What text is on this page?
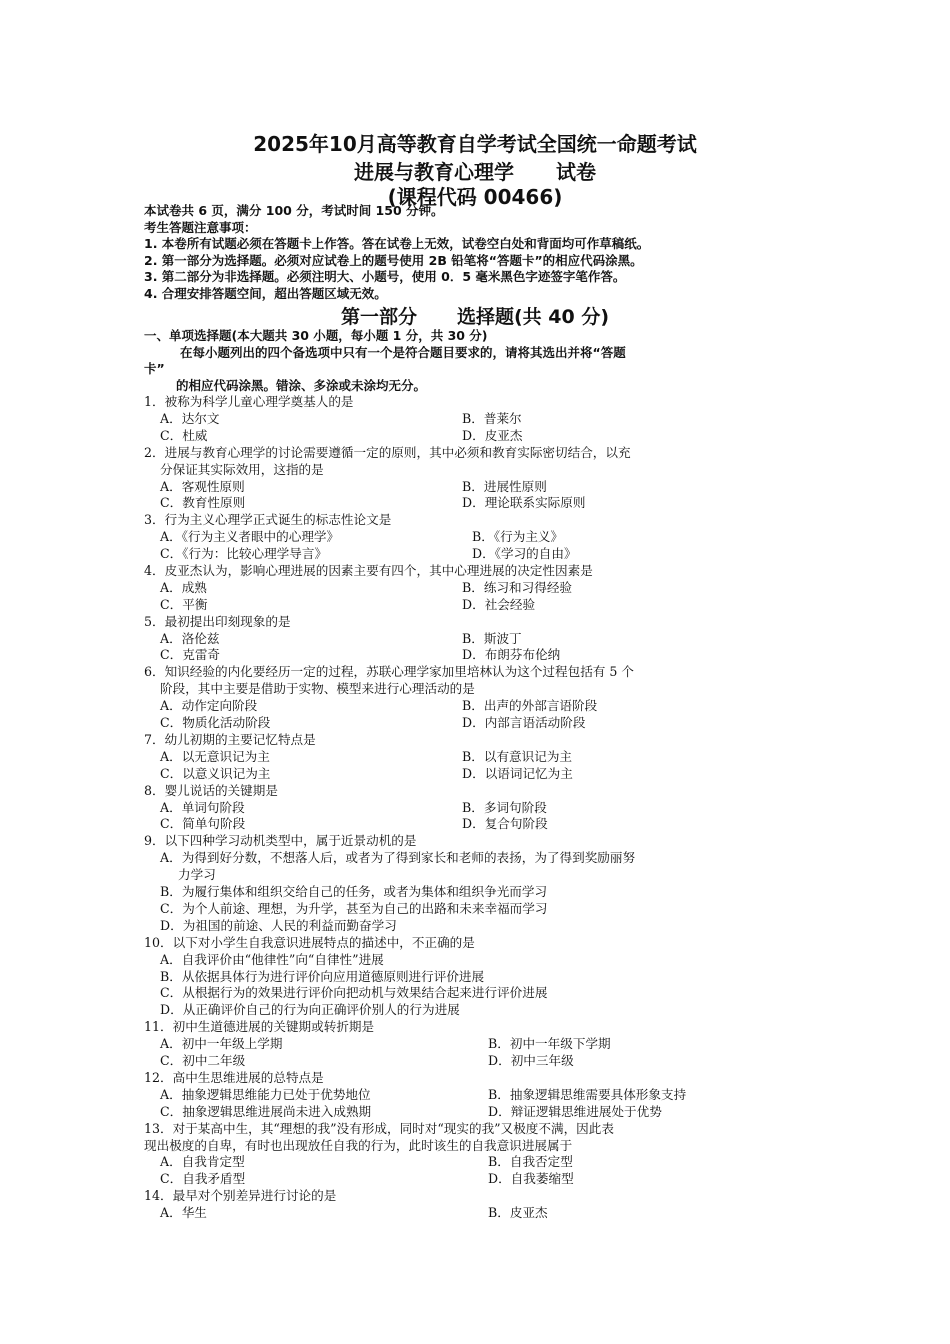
2025年10月高等教育自学考试全国统一命题考试
进展与教育心理学 试卷
(课程代码 00466)
本试卷共 6 页，满分 100 分，考试时间 150 分钟。
考生答题注意事项：
1. 本卷所有试题必须在答题卡上作答。答在试卷上无效，试卷空白处和背面均可作草稿纸。
2. 第一部分为选择题。必须对应试卷上的题号使用 2B 铅笔将“答题卡”的相应代码涂黑。
3. 第二部分为非选择题。必须注明大、小题号，使用 0．5 毫米黑色字迹签字笔作答。
4. 合理安排答题空间，超出答题区域无效。
第一部分 选择题(共 40 分)
一、单项选择题(本大题共 30 小题，每小题 1 分，共 30 分)
在每小题列出的四个备选项中只有一个是符合题目要求的，请将其选出并将“答题
卡”
的相应代码涂黑。错涂、多涂或未涂均无分。
1．被称为科学儿童心理学奠基人的是
A．达尔文	B．普莱尔
C．杜威	D．皮亚杰
2．进展与教育心理学的讨论需要遵循一定的原则，其中必须和教育实际密切结合，以充
分保证其实际效用，这指的是
A．客观性原则	B．进展性原则
C．教育性原则	D．理论联系实际原则
3．行为主义心理学正式诞生的标志性论文是
A．《行为主义者眼中的心理学》	B．《行为主义》
C．《行为：比较心理学导言》	D．《学习的自由》
4．皮亚杰认为，影响心理进展的因素主要有四个，其中心理进展的决定性因素是
A．成熟	B．练习和习得经验
C．平衡	D．社会经验
5．最初提出印刻现象的是
A．洛伦兹	B．斯波丁
C．克雷奇	D．布朗芬布伦纳
6．知识经验的内化要经历一定的过程，苏联心理学家加里培林认为这个过程包括有 5 个
阶段，其中主要是借助于实物、模型来进行心理活动的是
A．动作定向阶段	B．出声的外部言语阶段
C．物质化活动阶段	D．内部言语活动阶段
7．幼儿初期的主要记忆特点是
A．以无意识记为主	B．以有意识记为主
C．以意义识记为主	D．以语词记忆为主
8．婴儿说话的关键期是
A．单词句阶段	B．多词句阶段
C．简单句阶段	D．复合句阶段
9．以下四种学习动机类型中，属于近景动机的是
A．为得到好分数，不想落人后，或者为了得到家长和老师的表扬，为了得到奖励丽努
力学习
B．为履行集体和组织交给自己的任务，或者为集体和组织争光而学习
C．为个人前途、理想，为升学，甚至为自己的出路和未来幸福而学习
D．为祖国的前途、人民的利益而勤奋学习
10．以下对小学生自我意识进展特点的描述中，不正确的是
A．自我评价由“他律性”向“自律性”进展
B．从依据具体行为进行评价向应用道德原则进行评价进展
C．从根据行为的效果进行评价向把动机与效果结合起来进行评价进展
D．从正确评价自己的行为向正确评价别人的行为进展
11．初中生道德进展的关键期或转折期是
A．初中一年级上学期	B．初中一年级下学期
C．初中二年级	D．初中三年级
12．高中生思维进展的总特点是
A．抽象逻辑思维能力已处于优势地位	B．抽象逻辑思维需要具体形象支持
C．抽象逻辑思维进展尚未进入成熟期	D．辩证逻辑思维进展处于优势
13．对于某高中生，其“理想的我”没有形成，同时对“现实的我”又极度不满，因此表
现出极度的自卑，有时也出现放任自我的行为，此时该生的自我意识进展属于
A．自我肯定型	B．自我否定型
C．自我矛盾型	D．自我萎缩型
14．最早对个别差异进行讨论的是
A．华生	B．皮亚杰
